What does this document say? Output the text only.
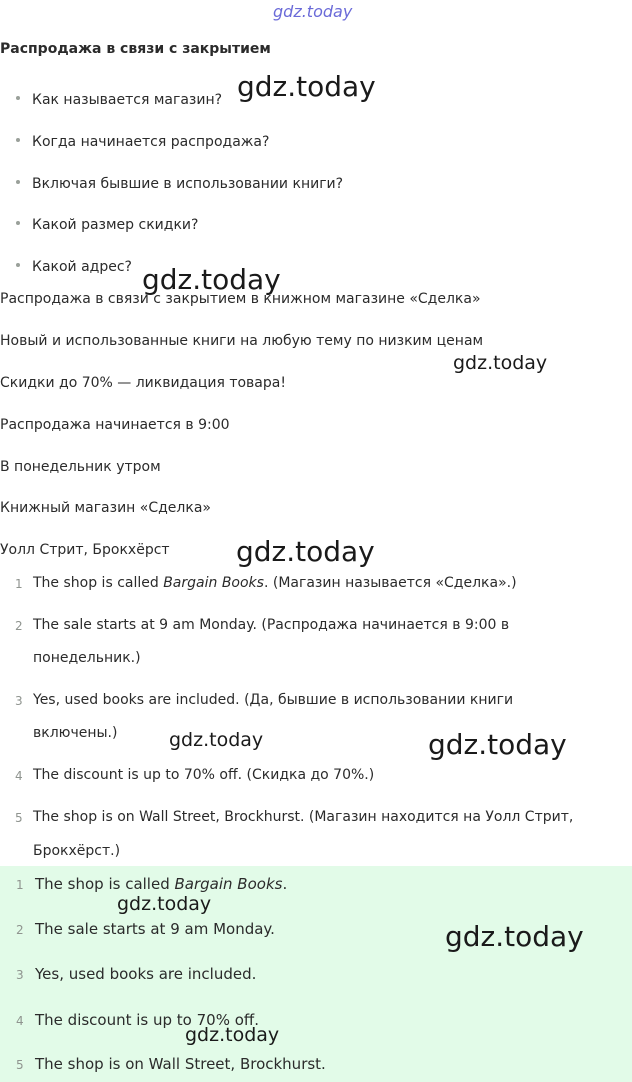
gdz.today
Распродажа в связи с закрытием
Как называется магазин?
Когда начинается распродажа?
Включая бывшие в использовании книги?
Какой размер скидки?
Какой адрес?
Распродажа в связи с закрытием в книжном магазине «Сделка»
Новый и использованные книги на любую тему по низким ценам
Скидки до 70% — ликвидация товара!
Распродажа начинается в 9:00
В понедельник утром
Книжный магазин «Сделка»
Уолл Стрит, Брокхёрст
1 The shop is called Bargain Books. (Магазин называется «Сделка».)
2 The sale starts at 9 am Monday. (Распродажа начинается в 9:00 в
понедельник.)
3 Yes, used books are included. (Да, бывшие в использовании книги
включены.)
4 The discount is up to 70% off. (Скидка до 70%.)
5 The shop is on Wall Street, Brockhurst. (Магазин находится на Уолл Стрит,
Брокхёрст.)
1 The shop is called Bargain Books.
2 The sale starts at 9 am Monday.
3 Yes, used books are included.
4 The discount is up to 70% off.
5 The shop is on Wall Street, Brockhurst.
gdz.today
gdz.today
gdz.today
gdz.today
gdz.today	gdz.today
gdz.today
gdz.today
gdz.today
